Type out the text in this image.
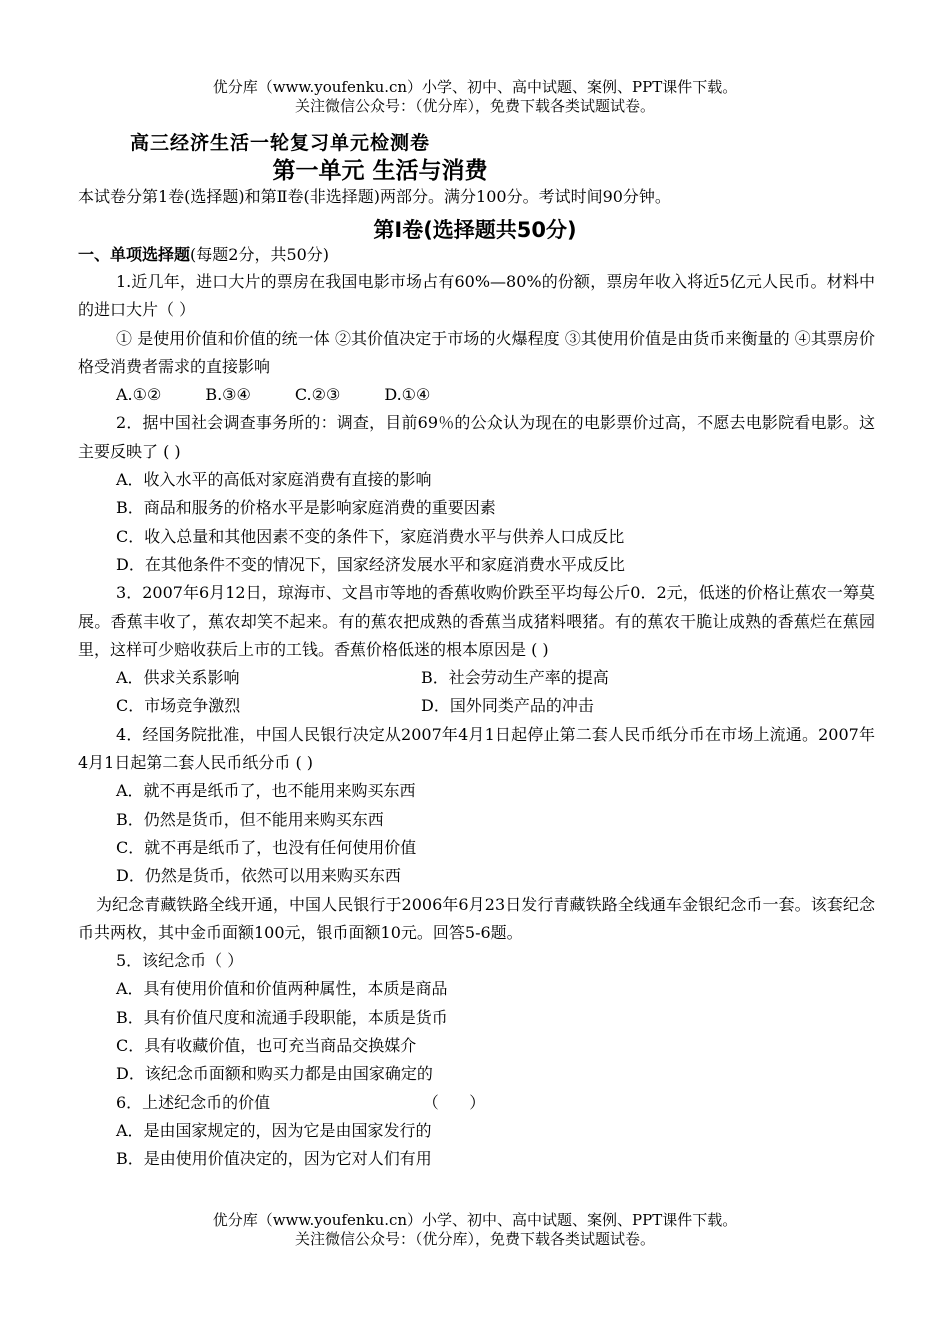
优分库（www.youfenku.cn）小学、初中、高中试题、案例、PPT课件下载。
关注微信公众号：（优分库），免费下载各类试题试卷。
高三经济生活一轮复习单元检测卷
第一单元 生活与消费
本试卷分第1卷(选择题)和第Ⅱ卷(非选择题)两部分。满分100分。考试时间90分钟。
第Ⅰ卷(选择题共50分)
一、单项选择题(每题2分，共50分)

1.近几年，进口大片的票房在我国电影市场占有60%—80%的份额，票房年收入将近5亿元人民币。材料中的进口大片（ ）

① 是使用价值和价值的统一体 ②其价值决定于市场的火爆程度 ③其使用价值是由货币来衡量的 ④其票房价格受消费者需求的直接影响

A.①②	B.③④	C.②③	D.①④

2．据中国社会调查事务所的：调查，目前69％的公众认为现在的电影票价过高，不愿去电影院看电影。这主要反映了 ( )

A．收入水平的高低对家庭消费有直接的影响

B．商品和服务的价格水平是影响家庭消费的重要因素

C．收入总量和其他因素不变的条件下，家庭消费水平与供养人口成反比

D．在其他条件不变的情况下，国家经济发展水平和家庭消费水平成反比

3．2007年6月12日，琼海市、文昌市等地的香蕉收购价跌至平均每公斤0．2元，低迷的价格让蕉农一筹莫展。香蕉丰收了，蕉农却笑不起来。有的蕉农把成熟的香蕉当成猪料喂猪。有的蕉农干脆让成熟的香蕉烂在蕉园里，这样可少赔收获后上市的工钱。香蕉价格低迷的根本原因是 ( )

A．供求关系影响	B．社会劳动生产率的提高
C．市场竞争激烈	D．国外同类产品的冲击

4．经国务院批准，中国人民银行决定从2007年4月1日起停止第二套人民币纸分币在市场上流通。2007年4月1日起第二套人民币纸分币 ( )

A．就不再是纸币了，也不能用来购买东西

B．仍然是货币，但不能用来购买东西

C．就不再是纸币了，也没有任何使用价值

D．仍然是货币，依然可以用来购买东西

为纪念青藏铁路全线开通，中国人民银行于2006年6月23日发行青藏铁路全线通车金银纪念币一套。该套纪念币共两枚，其中金币面额100元，银币面额10元。回答5-6题。

5．该纪念币（ ）

A．具有使用价值和价值两种属性，本质是商品

B．具有价值尺度和流通手段职能，本质是货币

C．具有收藏价值，也可充当商品交换媒介

D．该纪念币面额和购买力都是由国家确定的

6．上述纪念币的价值                              （      ）

A．是由国家规定的，因为它是由国家发行的

B．是由使用价值决定的，因为它对人们有用

优分库（www.youfenku.cn）小学、初中、高中试题、案例、PPT课件下载。
关注微信公众号：（优分库），免费下载各类试题试卷。
